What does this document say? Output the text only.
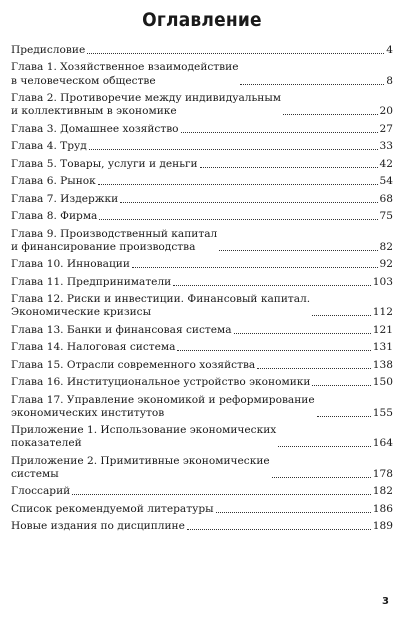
Оглавление
Предисловие	4
Глава 1. Хозяйственное взаимодействие
в человеческом обществе	8
Глава 2. Противоречие между индивидуальным
и коллективным в экономике	20
Глава 3. Домашнее хозяйство	27
Глава 4. Труд	33
Глава 5. Товары, услуги и деньги	42
Глава 6. Рынок	54
Глава 7. Издержки	68
Глава 8. Фирма	75
Глава 9. Производственный капитал
и финансирование производства	82
Глава 10. Инновации	92
Глава 11. Предприниматели	103
Глава 12. Риски и инвестиции. Финансовый капитал.
Экономические кризисы	112
Глава 13. Банки и финансовая система	121
Глава 14. Налоговая система	131
Глава 15. Отрасли современного хозяйства	138
Глава 16. Институциональное устройство экономики	150
Глава 17. Управление экономикой и реформирование
экономических институтов	155
Приложение 1. Использование экономических
показателей	164
Приложение 2. Примитивные экономические
системы	178
Глоссарий	182
Список рекомендуемой литературы	186
Новые издания по дисциплине	189
3
